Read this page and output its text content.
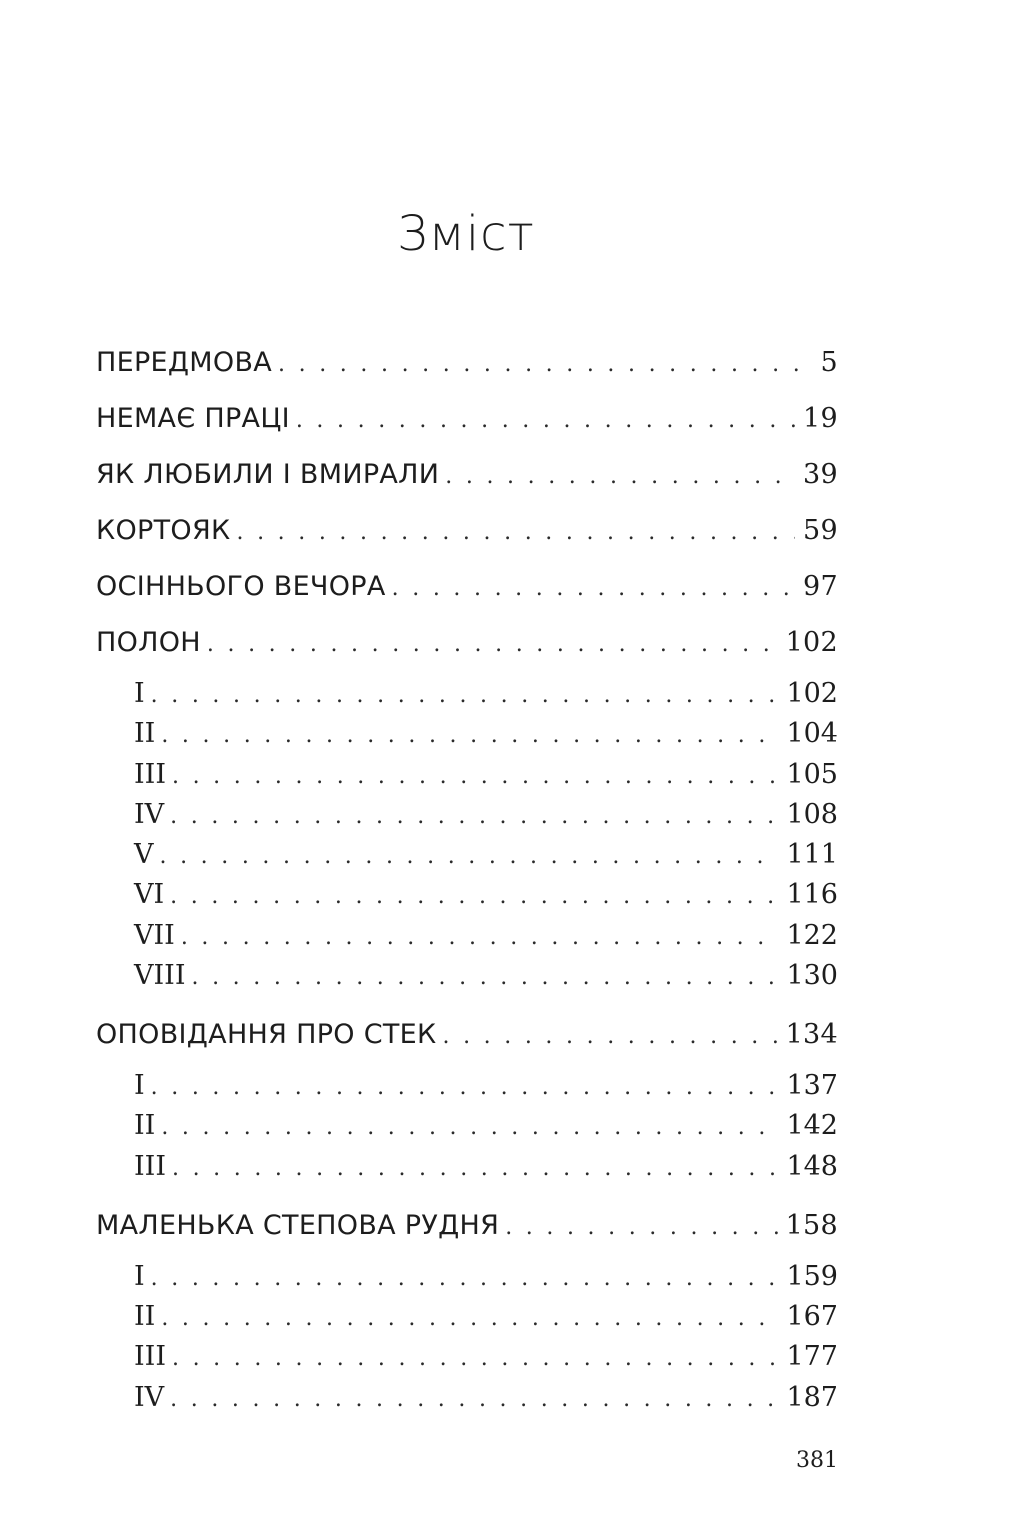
Зміст
ПЕРЕДМОВА . . .	5
НЕМАЄ ПРАЦІ . . .	19
ЯК ЛЮБИЛИ І ВМИРАЛИ . . .	39
КОРТОЯК . . .	59
ОСІННЬОГО ВЕЧОРА . . .	97
ПОЛОН . . .	102
I . . .	102
II . . .	104
III . . .	105
IV . . .	108
V . . .	111
VI . . .	116
VII . . .	122
VIII . . .	130
ОПОВІДАННЯ ПРО СТЕК . . .	134
I . . .	137
II . . .	142
III . . .	148
МАЛЕНЬКА СТЕПОВА РУДНЯ . . .	158
I . . .	159
II . . .	167
III . . .	177
IV . . .	187
381
